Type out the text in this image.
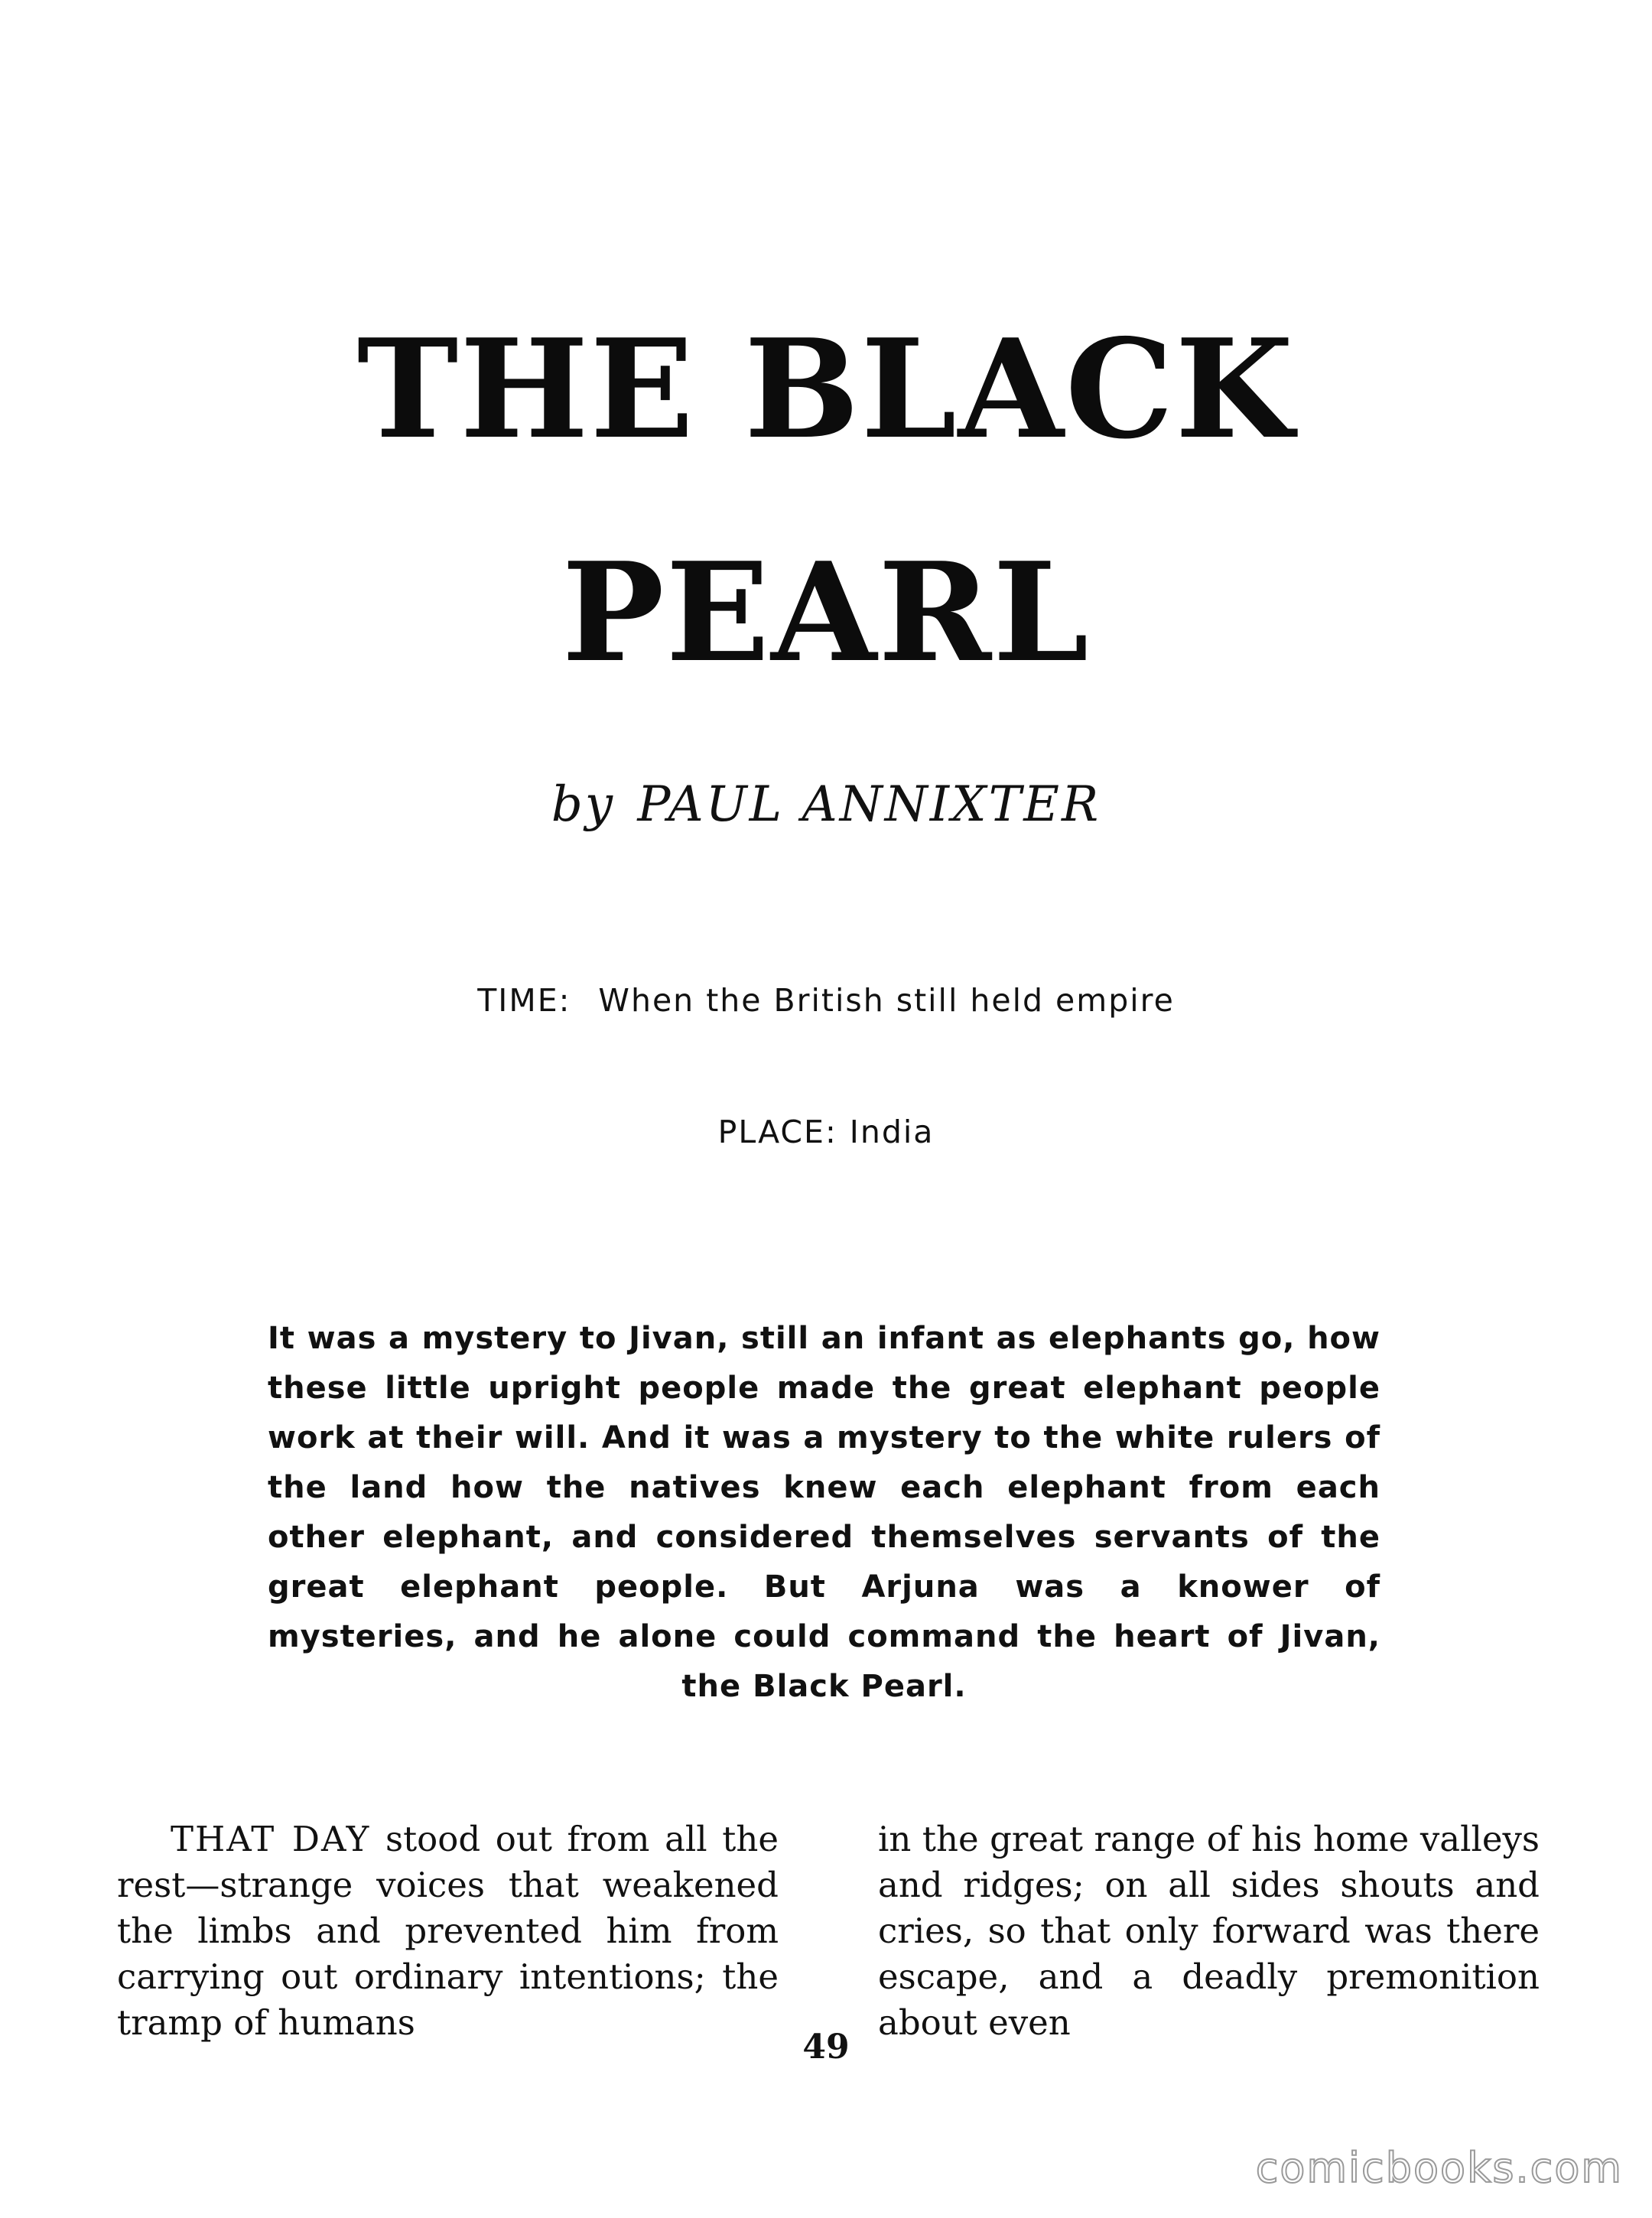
THE BLACK
PEARL
by PAUL ANNIXTER
TIME: When the British still held empire
PLACE: India

It was a mystery to Jivan, still an infant as elephants go, how these little upright people made the great elephant people work at their will. And it was a mystery to the white rulers of the land how the natives knew each elephant from each other elephant, and considered themselves servants of the great elephant people. But Arjuna was a knower of mysteries, and he alone could command the heart of Jivan, the Black Pearl.

THAT DAY stood out from all the rest—strange voices that weakened the limbs and prevented him from carrying out ordinary intentions; the tramp of humans

in the great range of his home valleys and ridges; on all sides shouts and cries, so that only forward was there escape, and a deadly premonition about even

49
comicbooks.com
